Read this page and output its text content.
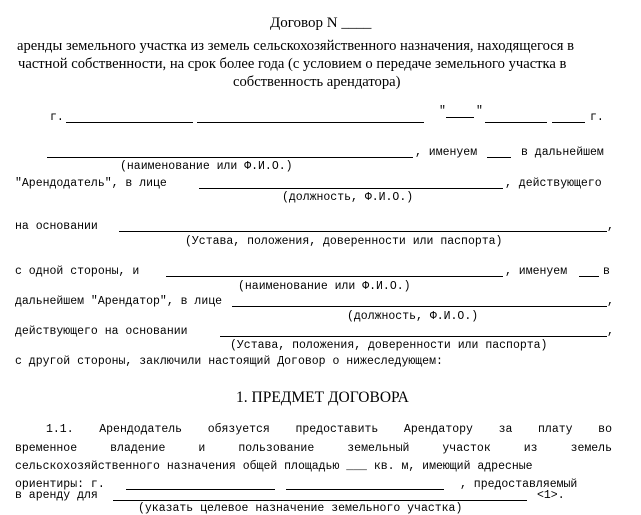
Договор N ____
аренды земельного участка из земель сельскохозяйственного назначения, находящегося в
частной собственности, на срок более года (с условием о передаче земельного участка в
собственность арендатора)
г.	"	"	г.
, именуем	в дальнейшем
(наименование или Ф.И.О.)
"Арендодатель", в лице	, действующего
(должность, Ф.И.О.)
на основании	,
(Устава, положения, доверенности или паспорта)
с одной стороны, и	, именуем	в
(наименование или Ф.И.О.)
дальнейшем "Арендатор", в лице	,
(должность, Ф.И.О.)
действующего на основании	,
(Устава, положения, доверенности или паспорта)
с другой стороны, заключили настоящий Договор о нижеследующем:
1. ПРЕДМЕТ ДОГОВОРА
1.1. Арендодатель обязуется предоставить Арендатору за плату во
временное владение и пользование земельный участок из земель
сельскохозяйственного назначения общей площадью ___ кв. м, имеющий адресные
ориентиры: г.	, предоставляемый
в аренду для	<1>.
(указать целевое назначение земельного участка)
